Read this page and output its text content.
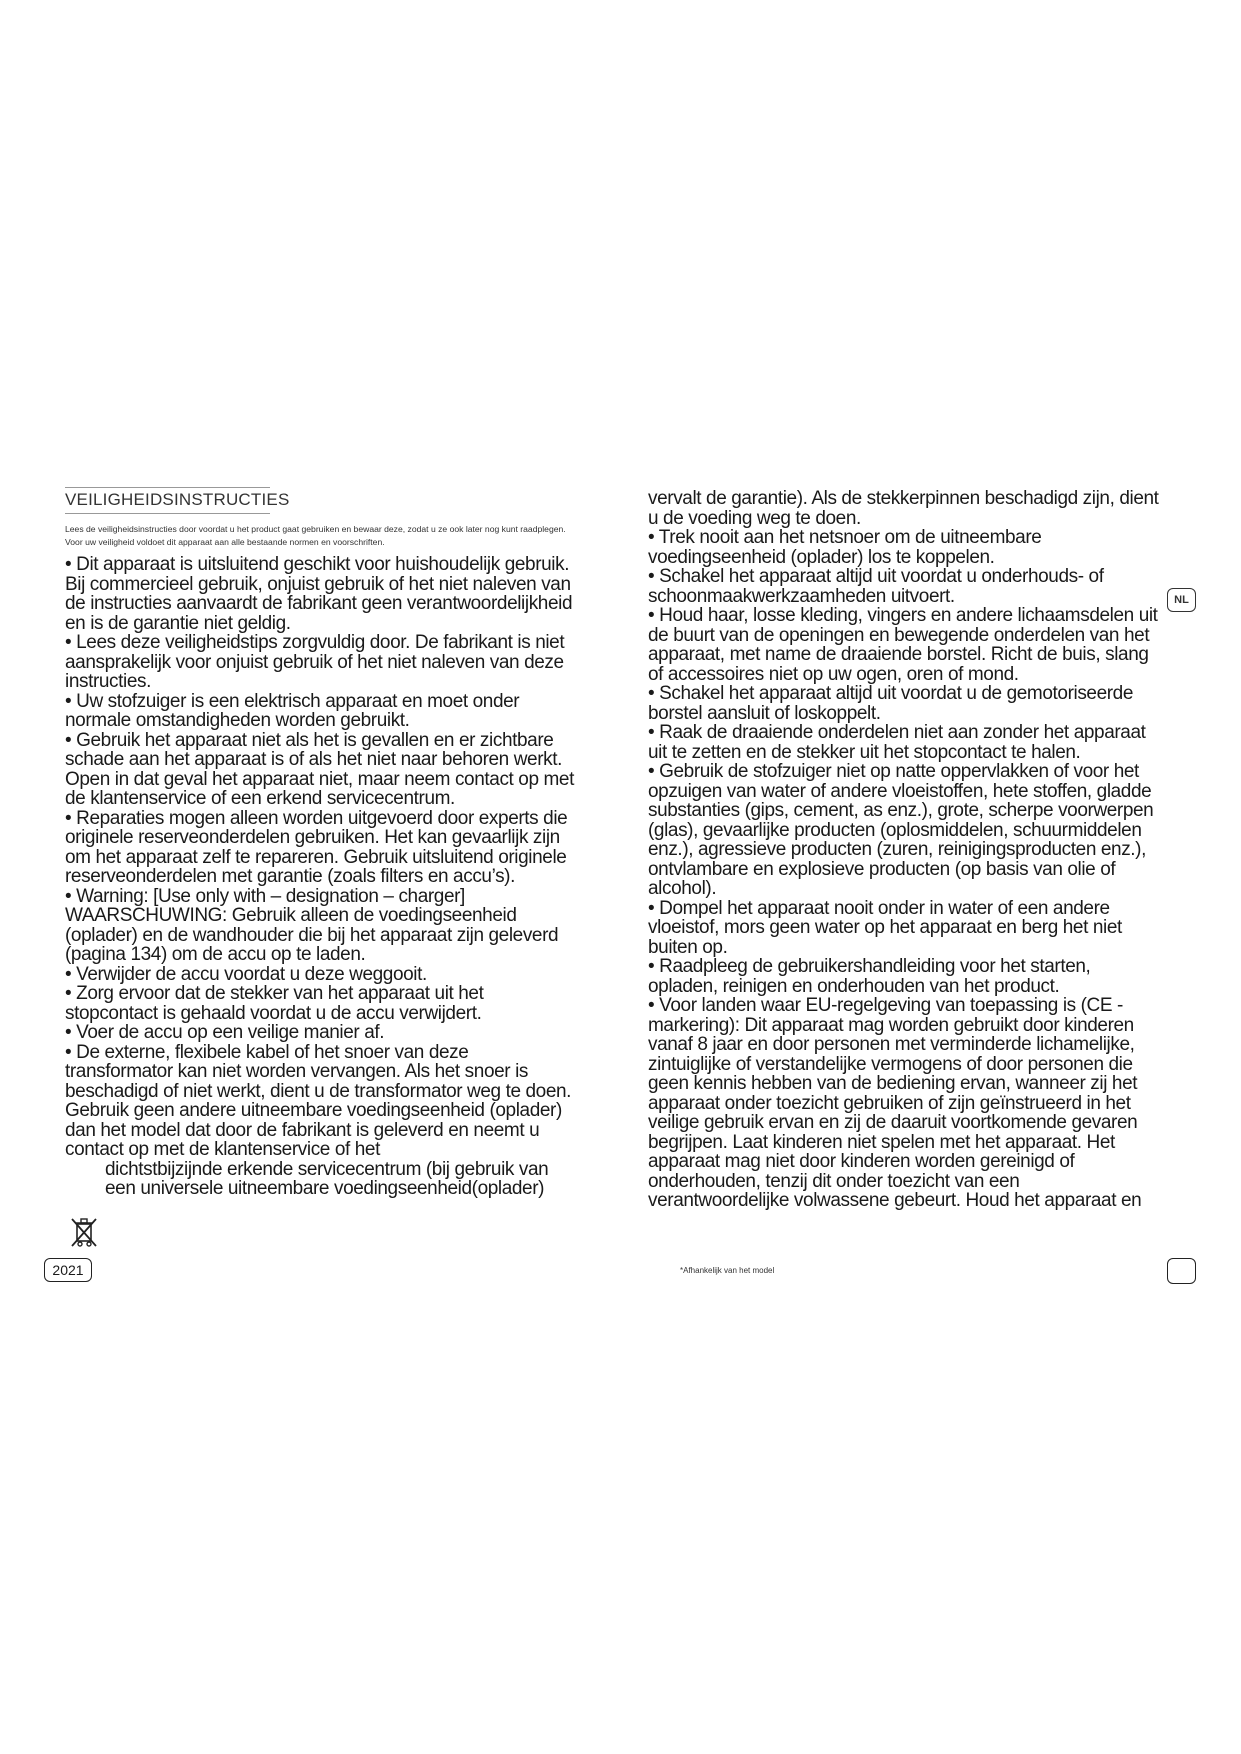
VEILIGHEIDSINSTRUCTIES
Lees de veiligheidsinstructies door voordat u het product gaat gebruiken en bewaar deze, zodat u ze ook later nog kunt raadplegen. Voor uw veiligheid voldoet dit apparaat aan alle bestaande normen en voorschriften.

• Dit apparaat is uitsluitend geschikt voor huishoudelijk gebruik. Bij commercieel gebruik, onjuist gebruik of het niet naleven van de instructies aanvaardt de fabrikant geen verantwoordelijkheid en is de garantie niet geldig.

• Lees deze veiligheidstips zorgvuldig door. De fabrikant is niet aansprakelijk voor onjuist gebruik of het niet naleven van deze instructies.

• Uw stofzuiger is een elektrisch apparaat en moet onder normale omstandigheden worden gebruikt.

• Gebruik het apparaat niet als het is gevallen en er zichtbare schade aan het apparaat is of als het niet naar behoren werkt. Open in dat geval het apparaat niet, maar neem contact op met de klantenservice of een erkend servicecentrum.

• Reparaties mogen alleen worden uitgevoerd door experts die originele reserveonderdelen gebruiken. Het kan gevaarlijk zijn om het apparaat zelf te repareren. Gebruik uitsluitend originele reserveonderdelen met garantie (zoals filters en accu’s).

• Warning: [Use only with – designation – charger]

WAARSCHUWING: Gebruik alleen de voedingseenheid (oplader) en de wandhouder die bij het apparaat zijn geleverd (pagina 134) om de accu op te laden.

• Verwijder de accu voordat u deze weggooit.

• Zorg ervoor dat de stekker van het apparaat uit het stopcontact is gehaald voordat u de accu verwijdert.

• Voer de accu op een veilige manier af.

• De externe, flexibele kabel of het snoer van deze transformator kan niet worden vervangen. Als het snoer is beschadigd of niet werkt, dient u de transformator weg te doen. Gebruik geen andere uitneembare voedingseenheid (oplader) dan het model dat door de fabrikant is geleverd en neemt u contact op met de klantenservice of het

dichtstbijzijnde erkende servicecentrum (bij gebruik van een universele uitneembare voedingseenheid(oplader)

vervalt de garantie). Als de stekkerpinnen beschadigd zijn, dient u de voeding weg te doen.

• Trek nooit aan het netsnoer om de uitneembare voedingseenheid (oplader) los te koppelen.

• Schakel het apparaat altijd uit voordat u onderhouds- of schoonmaakwerkzaamheden uitvoert.

• Houd haar, losse kleding, vingers en andere lichaamsdelen uit de buurt van de openingen en bewegende onderdelen van het apparaat, met name de draaiende borstel. Richt de buis, slang of accessoires niet op uw ogen, oren of mond.

• Schakel het apparaat altijd uit voordat u de gemotoriseerde borstel aansluit of loskoppelt.

• Raak de draaiende onderdelen niet aan zonder het apparaat uit te zetten en de stekker uit het stopcontact te halen.

• Gebruik de stofzuiger niet op natte oppervlakken of voor het opzuigen van water of andere vloeistoffen, hete stoffen, gladde substanties (gips, cement, as enz.), grote, scherpe voorwerpen (glas), gevaarlijke producten (oplosmiddelen, schuurmiddelen enz.), agressieve producten (zuren, reinigingsproducten enz.), ontvlambare en explosieve producten (op basis van olie of alcohol).

• Dompel het apparaat nooit onder in water of een andere vloeistof, mors geen water op het apparaat en berg het niet buiten op.

• Raadpleeg de gebruikershandleiding voor het starten, opladen, reinigen en onderhouden van het product.

• Voor landen waar EU-regelgeving van toepassing is (CE -markering): Dit apparaat mag worden gebruikt door kinderen vanaf 8 jaar en door personen met verminderde lichamelijke, zintuiglijke of verstandelijke vermogens of door personen die geen kennis hebben van de bediening ervan, wanneer zij het apparaat onder toezicht gebruiken of zijn geïnstrueerd in het veilige gebruik ervan en zij de daaruit voortkomende gevaren begrijpen. Laat kinderen niet spelen met het apparaat. Het apparaat mag niet door kinderen worden gereinigd of onderhouden, tenzij dit onder toezicht van een verantwoordelijke volwassene gebeurt. Houd het apparaat en

2021
NL
*Afhankelijk van het model
